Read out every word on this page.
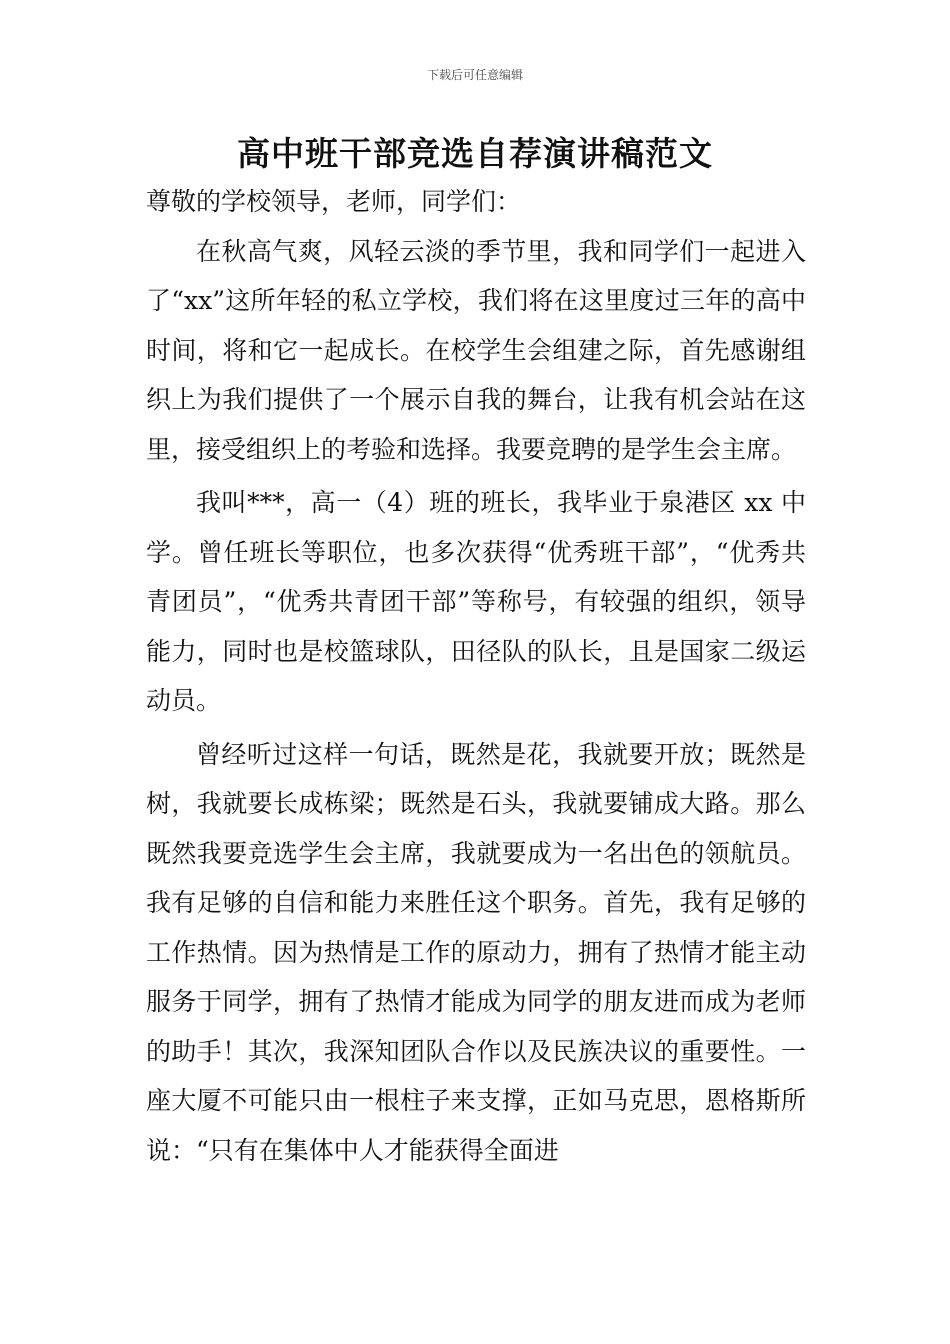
下载后可任意编辑
高中班干部竞选自荐演讲稿范文

尊敬的学校领导，老师，同学们：

在秋高气爽，风轻云淡的季节里，我和同学们一起进入了“xx”这所年轻的私立学校，我们将在这里度过三年的高中时间，将和它一起成长。在校学生会组建之际，首先感谢组织上为我们提供了一个展示自我的舞台，让我有机会站在这里，接受组织上的考验和选择。我要竞聘的是学生会主席。

我叫***，高一（4）班的班长，我毕业于泉港区 xx 中学。曾任班长等职位，也多次获得“优秀班干部”，“优秀共青团员”，“优秀共青团干部”等称号，有较强的组织，领导能力，同时也是校篮球队，田径队的队长，且是国家二级运动员。

曾经听过这样一句话，既然是花，我就要开放；既然是树，我就要长成栋梁；既然是石头，我就要铺成大路。那么既然我要竞选学生会主席，我就要成为一名出色的领航员。我有足够的自信和能力来胜任这个职务。首先，我有足够的工作热情。因为热情是工作的原动力，拥有了热情才能主动服务于同学，拥有了热情才能成为同学的朋友进而成为老师的助手！其次，我深知团队合作以及民族决议的重要性。一座大厦不可能只由一根柱子来支撑，正如马克思，恩格斯所说：“只有在集体中人才能获得全面进
